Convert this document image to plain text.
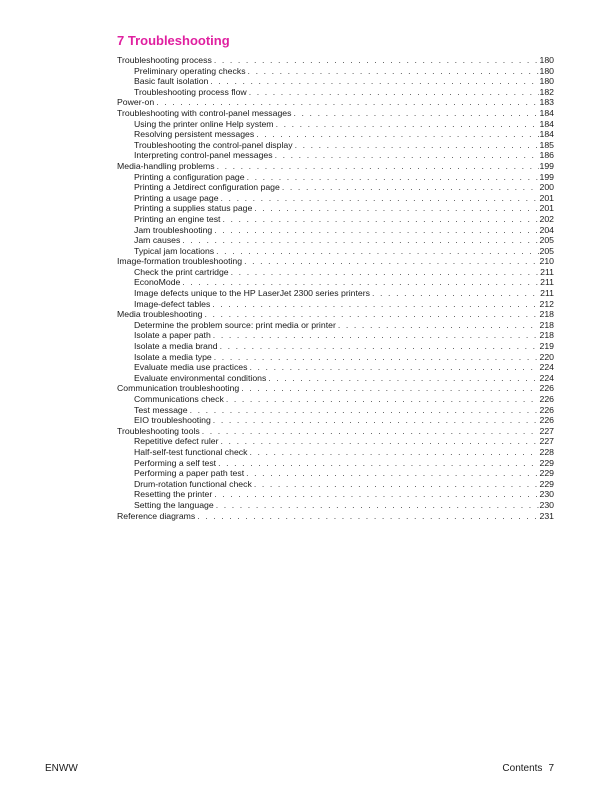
7 Troubleshooting
Troubleshooting process . . .	180
Preliminary operating checks . . .	180
Basic fault isolation . . .	180
Troubleshooting process flow . . .	182
Power-on . . .	183
Troubleshooting with control-panel messages . . .	184
Using the printer online Help system . . .	184
Resolving persistent messages . . .	184
Troubleshooting the control-panel display . . .	185
Interpreting control-panel messages . . .	186
Media-handling problems . . .	199
Printing a configuration page . . .	199
Printing a Jetdirect configuration page . . .	200
Printing a usage page . . .	201
Printing a supplies status page . . .	201
Printing an engine test . . .	202
Jam troubleshooting . . .	204
Jam causes . . .	205
Typical jam locations . . .	205
Image-formation troubleshooting . . .	210
Check the print cartridge . . .	211
EconoMode . . .	211
Image defects unique to the HP LaserJet 2300 series printers . . .	211
Image-defect tables . . .	212
Media troubleshooting . . .	218
Determine the problem source: print media or printer . . .	218
Isolate a paper path . . .	218
Isolate a media brand . . .	219
Isolate a media type . . .	220
Evaluate media use practices . . .	224
Evaluate environmental conditions . . .	224
Communication troubleshooting . . .	226
Communications check . . .	226
Test message . . .	226
EIO troubleshooting . . .	226
Troubleshooting tools . . .	227
Repetitive defect ruler . . .	227
Half-self-test functional check . . .	228
Performing a self test . . .	229
Performing a paper path test . . .	229
Drum-rotation functional check . . .	229
Resetting the printer . . .	230
Setting the language . . .	230
Reference diagrams . . .	231
ENWW	Contents 7
